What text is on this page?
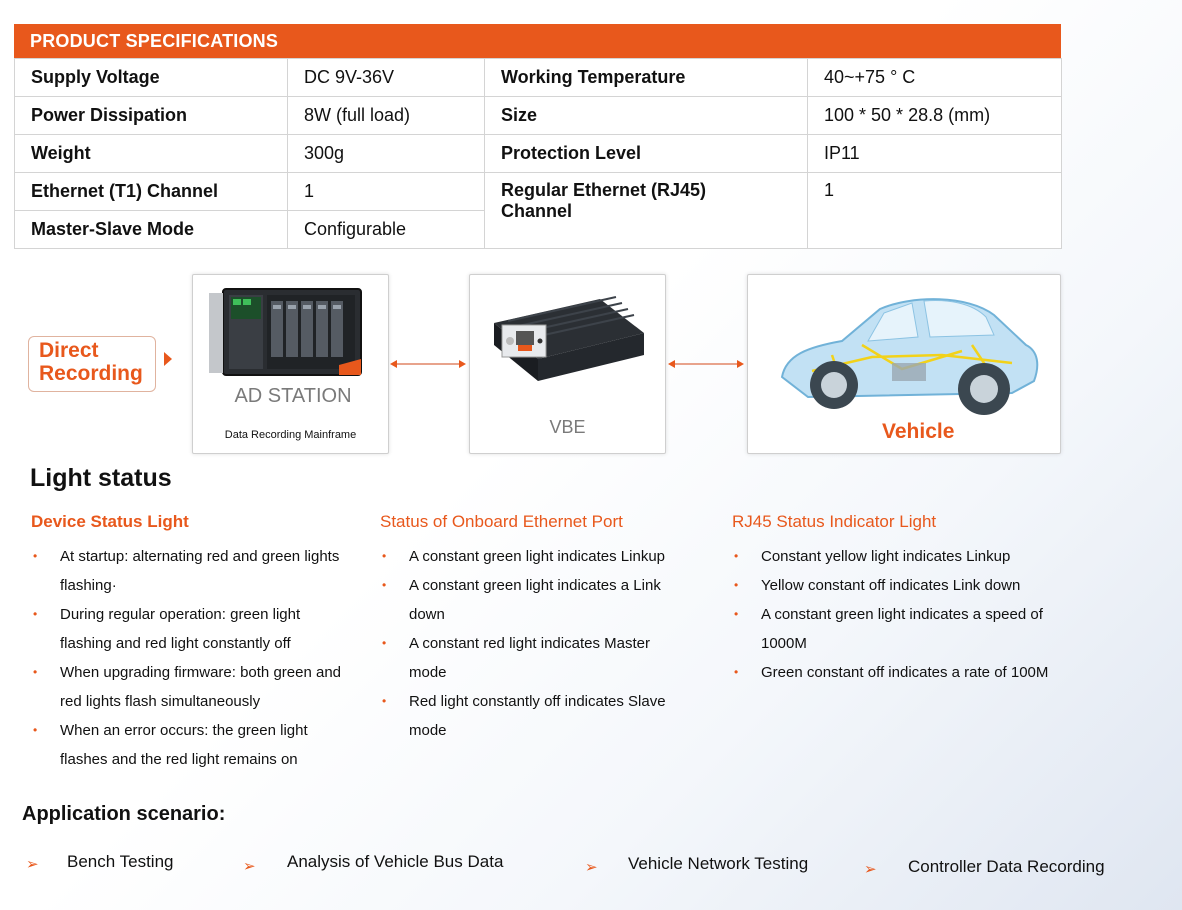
PRODUCT SPECIFICATIONS
Supply Voltage	DC 9V-36V	Working Temperature	40~+75 ° C
Power Dissipation	8W (full load)	Size	100 * 50 * 28.8 (mm)
Weight	300g	Protection Level	IP11
Ethernet (T1) Channel	1	Regular Ethernet (RJ45) Channel	1
Master-Slave Mode	Configurable		
Direct Recording
AD STATION
Data Recording Mainframe	VBE	Vehicle
Light status
Device Status Light
• At startup: alternating red and green lights flashing·
• During regular operation: green light flashing and red light constantly off
• When upgrading firmware: both green and red lights flash simultaneously
• When an error occurs: the green light flashes and the red light remains on
Status of Onboard Ethernet Port
• A constant green light indicates Linkup
• A constant green light indicates a Link down
• A constant red light indicates Master mode
• Red light constantly off indicates Slave mode
RJ45 Status Indicator Light
• Constant yellow light indicates Linkup
• Yellow constant off indicates Link down
• A constant green light indicates a speed of 1000M
• Green constant off indicates a rate of 100M
Application scenario:
➢ Bench Testing	➢ Analysis of Vehicle Bus Data	➢ Vehicle Network Testing	➢ Controller Data Recording
